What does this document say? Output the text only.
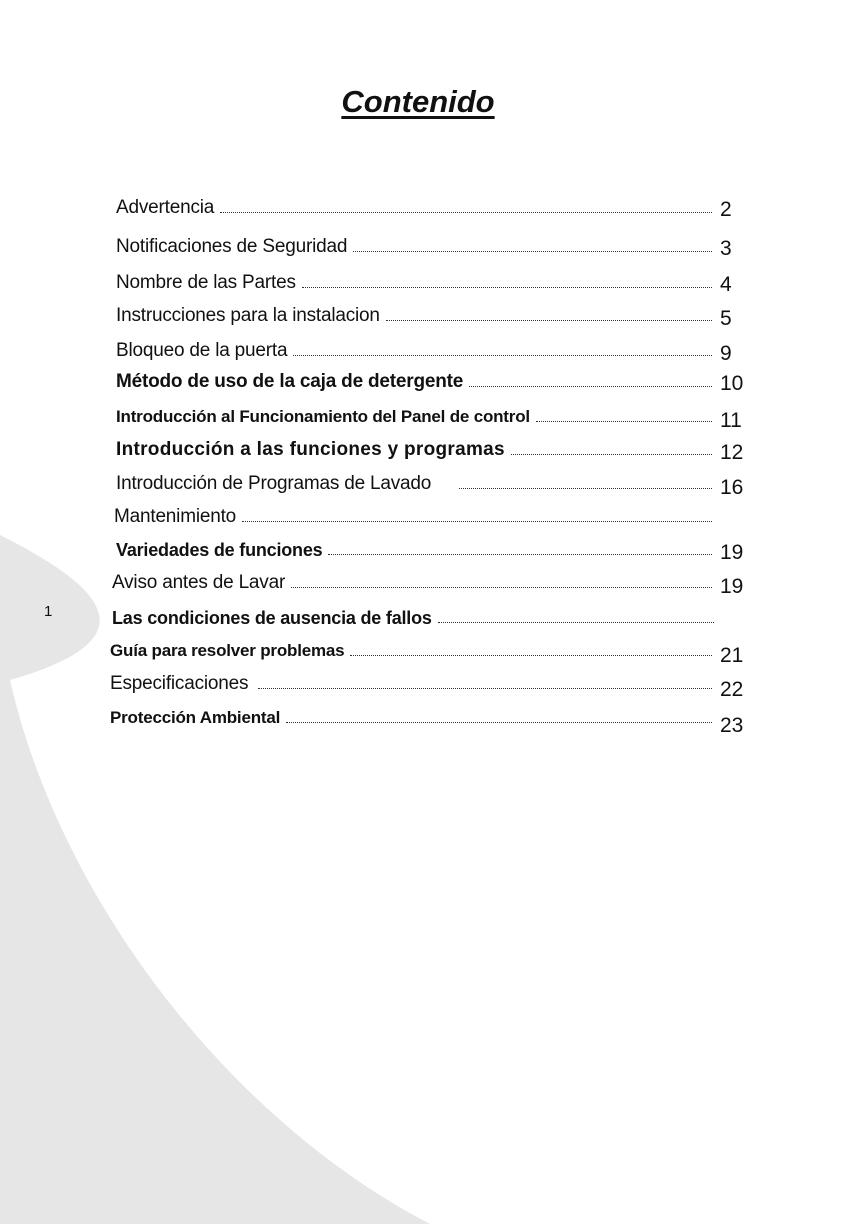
1
Contenido
Advertencia	2
Notificaciones de Seguridad	3
Nombre de las Partes	4
Instrucciones para la instalacion	5
Bloqueo de la puerta	9
Método de uso de la caja de detergente	10
Introducción al Funcionamiento del Panel de control	11
Introducción a las funciones y programas	12
Introducción de Programas de Lavado	16
Mantenimiento
Variedades de funciones	19
Aviso antes de Lavar	19
Las condiciones de ausencia de fallos
Guía para resolver problemas	21
Especificaciones	22
Protección Ambiental	23
